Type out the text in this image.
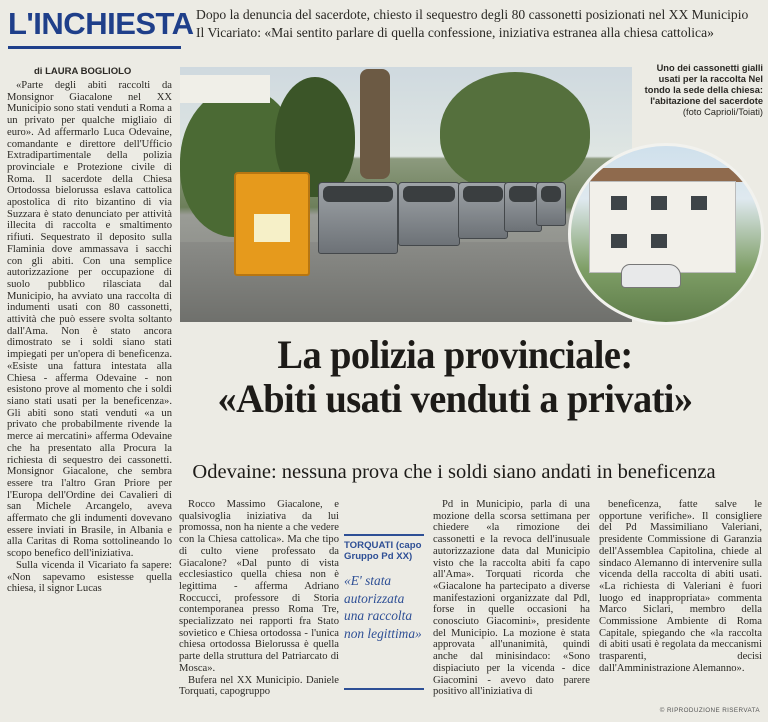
L'INCHIESTA Dopo la denuncia del sacerdote, chiesto il sequestro degli 80 cassonetti posizionati nel XX Municipio
Il Vicariato: «Mai sentito parlare di quella confessione, iniziativa estranea alla chiesa cattolica»
di LAURA BOGLIOLO

«Parte degli abiti raccolti da Monsignor Giacalone nel XX Municipio sono stati venduti a Roma a un privato per qualche migliaio di euro». Ad affermarlo Luca Odevaine, comandante e direttore dell'Ufficio Extradipartimentale della polizia provinciale e Protezione civile di Roma. Il sacerdote della Chiesa Ortodossa bielorussa eslava cattolica apostolica di rito bizantino di via Suzzara è stato denunciato per attività illecita di raccolta e smaltimento rifiuti. Sequestrato il deposito sulla Flaminia dove ammassava i sacchi con gli abiti. Con una semplice autorizzazione per occupazione di suolo pubblico rilasciata dal Municipio, ha avviato una raccolta di indumenti usati con 80 cassonetti, attività che può essere svolta soltanto dall'Ama. Non è stato ancora dimostrato se i soldi siano stati impiegati per un'opera di beneficenza. «Esiste una fattura intestata alla Chiesa - afferma Odevaine - non esistono prove al momento che i soldi siano stati usati per la beneficenza». Gli abiti sono stati venduti «a un privato che probabilmente rivende la merce ai mercatini» afferma Odevaine che ha presentato alla Procura la richiesta di sequestro dei cassonetti. Monsignor Giacalone, che sembra essere tra l'altro Gran Priore per l'Europa dell'Ordine dei Cavalieri di san Michele Arcangelo, aveva affermato che gli indumenti dovevano essere inviati in Brasile, in Albania e alla Caritas di Roma sottolineando lo scopo benefico dell'iniziativa.

Sulla vicenda il Vicariato fa sapere: «Non sapevamo esistesse quella chiesa, il signor Lucas

Uno dei cassonetti gialli usati per la raccolta Nel tondo la sede della chiesa: l'abitazione del sacerdote (foto Caprioli/Toiati)
La polizia provinciale:
«Abiti usati venduti a privati»
Odevaine: nessuna prova che i soldi siano andati in beneficenza

Rocco Massimo Giacalone, e qualsivoglia iniziativa da lui promossa, non ha niente a che vedere con la Chiesa cattolica». Ma che tipo di culto viene professato da Giacalone? «Dal punto di vista ecclesiastico quella chiesa non è legittima - afferma Adriano Roccucci, professore di Storia contemporanea presso Roma Tre, specializzato nei rapporti fra Stato sovietico e Chiesa ortodossa - l'unica chiesa ortodossa Bielorussa è quella parte della struttura del Patriarcato di Mosca».

Bufera nel XX Municipio. Daniele Torquati, capogruppo

TORQUATI (capo Gruppo Pd XX)
«E' stata autorizzata una raccolta non legittima»

Pd in Municipio, parla di una mozione della scorsa settimana per chiedere «la rimozione dei cassonetti e la revoca dell'inusuale autorizzazione data dal Municipio visto che la raccolta abiti fa capo all'Ama». Torquati ricorda che «Giacalone ha partecipato a diverse manifestazioni organizzate dal Pdl, forse in quelle occasioni ha conosciuto Giacomini», presidente del Municipio. La mozione è stata approvata all'unanimità, quindi anche dal minisindaco: «Sono dispiaciuto per la vicenda - dice Giacomini - avevo dato parere positivo all'iniziativa di

beneficenza, fatte salve le opportune verifiche». Il consigliere del Pd Massimiliano Valeriani, presidente Commissione di Garanzia dell'Assemblea Capitolina, chiede al sindaco Alemanno di intervenire sulla vicenda della raccolta di abiti usati. «La richiesta di Valeriani è fuori luogo ed inappropriata» commenta Marco Siclari, membro della Commissione Ambiente di Roma Capitale, spiegando che «la raccolta di abiti usati è regolata da meccanismi trasparenti, decisi dall'Amministrazione Alemanno».

© RIPRODUZIONE RISERVATA
